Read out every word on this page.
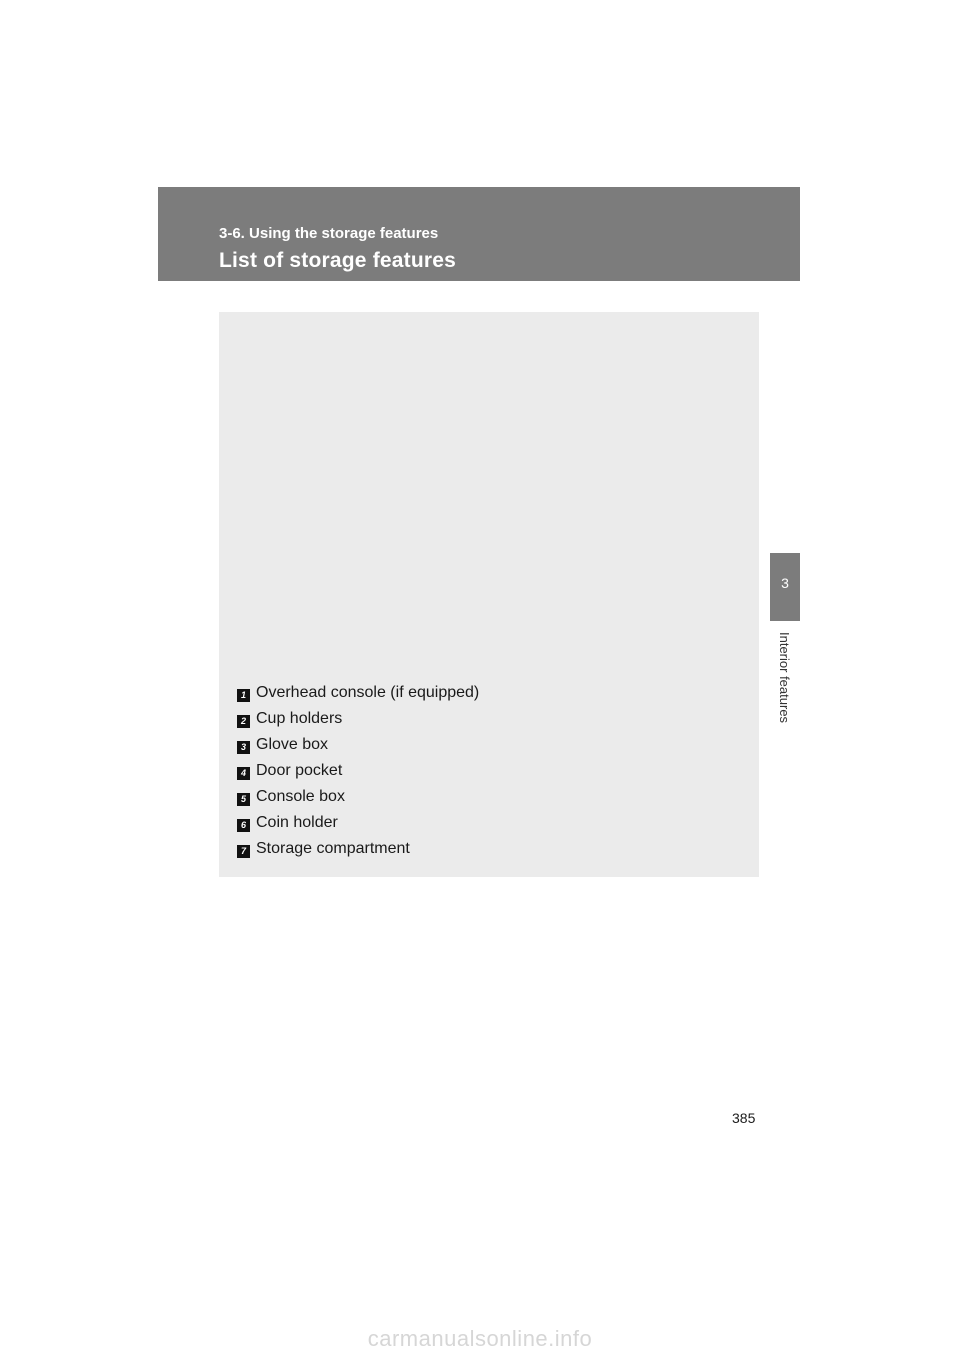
3-6. Using the storage features
List of storage features
3
Interior features
1 Overhead console (if equipped)
2 Cup holders
3 Glove box
4 Door pocket
5 Console box
6 Coin holder
7 Storage compartment
385
carmanualsonline.info
